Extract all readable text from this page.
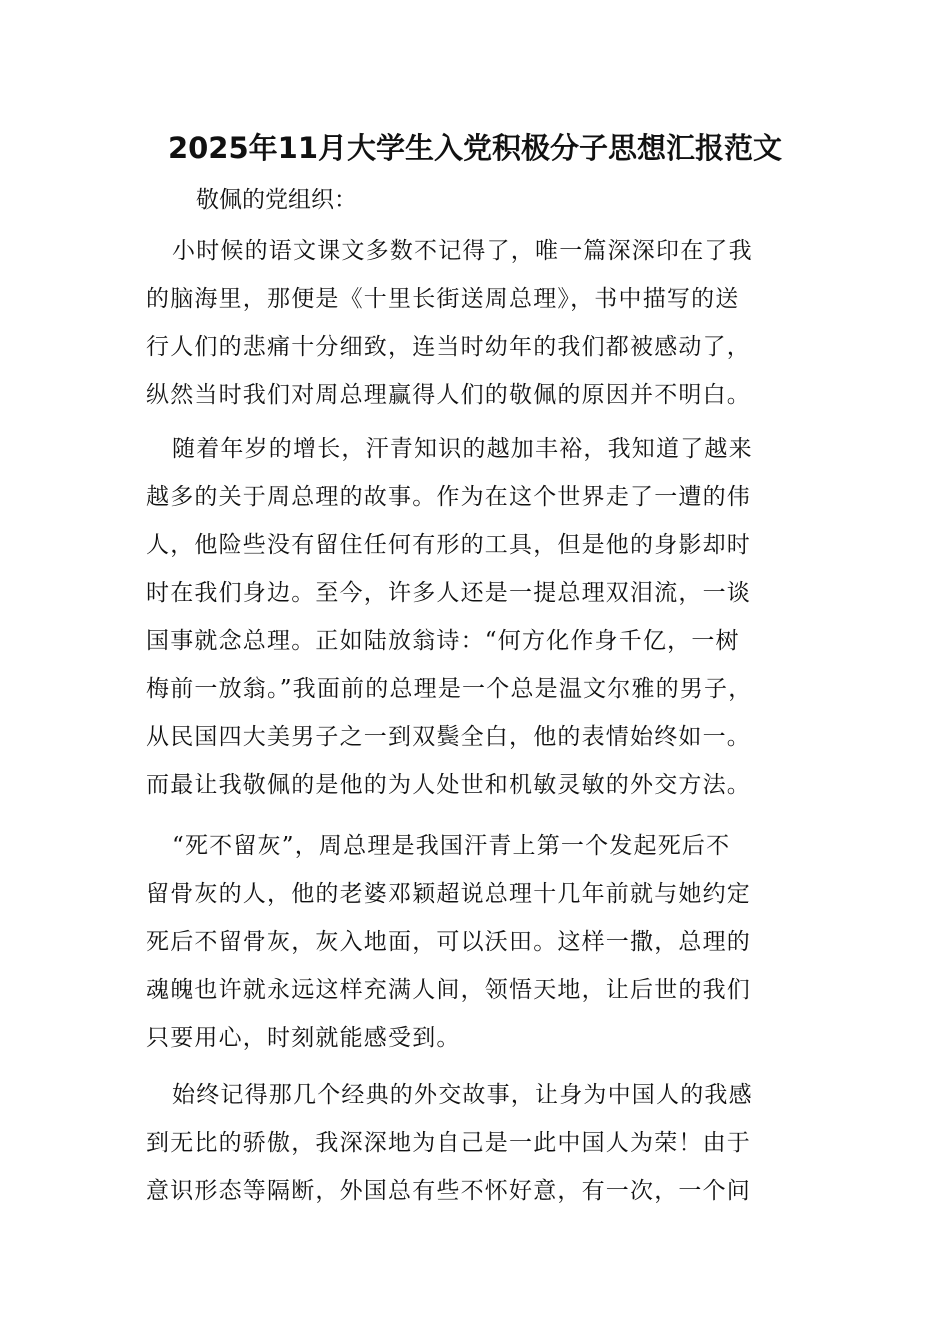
2025年11月大学生入党积极分子思想汇报范文

敬佩的党组织：

小时候的语文课文多数不记得了，唯一篇深深印在了我
的脑海里，那便是《十里长街送周总理》，书中描写的送
行人们的悲痛十分细致，连当时幼年的我们都被感动了，
纵然当时我们对周总理赢得人们的敬佩的原因并不明白。
随着年岁的增长，汗青知识的越加丰裕，我知道了越来
越多的关于周总理的故事。作为在这个世界走了一遭的伟
人，他险些没有留住任何有形的工具，但是他的身影却时
时在我们身边。至今，许多人还是一提总理双泪流，一谈
国事就念总理。正如陆放翁诗：“何方化作身千亿，一树
梅前一放翁。”我面前的总理是一个总是温文尔雅的男子，
从民国四大美男子之一到双鬓全白，他的表情始终如一。
而最让我敬佩的是他的为人处世和机敏灵敏的外交方法。
“死不留灰”，周总理是我国汗青上第一个发起死后不
留骨灰的人，他的老婆邓颖超说总理十几年前就与她约定
死后不留骨灰，灰入地面，可以沃田。这样一撒，总理的
魂魄也许就永远这样充满人间，领悟天地，让后世的我们
只要用心，时刻就能感受到。
始终记得那几个经典的外交故事，让身为中国人的我感
到无比的骄傲，我深深地为自己是一此中国人为荣！由于
意识形态等隔断，外国总有些不怀好意，有一次，一个问
